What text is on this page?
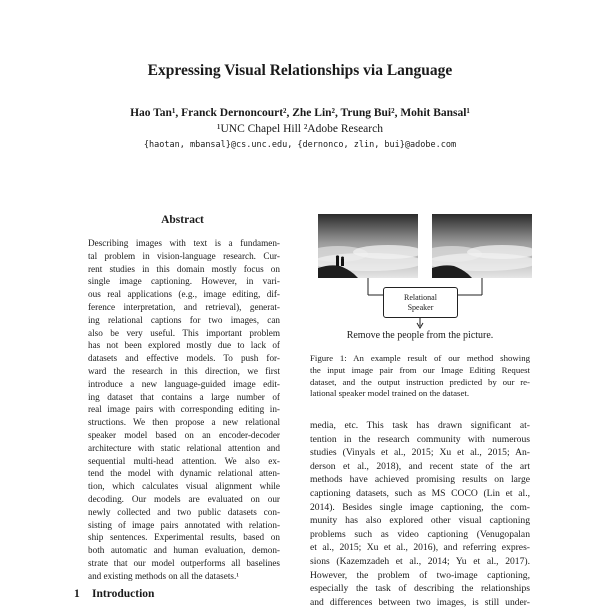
Expressing Visual Relationships via Language
Hao Tan¹, Franck Dernoncourt², Zhe Lin², Trung Bui², Mohit Bansal¹
¹UNC Chapel Hill ²Adobe Research
{haotan, mbansal}@cs.unc.edu, {dernonco, zlin, bui}@adobe.com
Abstract
Describing images with text is a fundamen-
tal problem in vision-language research. Cur-
rent studies in this domain mostly focus on
single image captioning. However, in vari-
ous real applications (e.g., image editing, dif-
ference interpretation, and retrieval), generat-
ing relational captions for two images, can
also be very useful. This important problem
has not been explored mostly due to lack of
datasets and effective models. To push for-
ward the research in this direction, we first
introduce a new language-guided image edit-
ing dataset that contains a large number of
real image pairs with corresponding editing in-
structions. We then propose a new relational
speaker model based on an encoder-decoder
architecture with static relational attention and
sequential multi-head attention. We also ex-
tend the model with dynamic relational atten-
tion, which calculates visual alignment while
decoding. Our models are evaluated on our
newly collected and two public datasets con-
sisting of image pairs annotated with relation-
ship sentences. Experimental results, based on
both automatic and human evaluation, demon-
strate that our model outperforms all baselines
and existing methods on all the datasets.¹
1 Introduction
Relational
Speaker
Remove the people from the picture.
Figure 1: An example result of our method showing
the input image pair from our Image Editing Request
dataset, and the output instruction predicted by our re-
lational speaker model trained on the dataset.
media, etc. This task has drawn significant at-
tention in the research community with numerous
studies (Vinyals et al., 2015; Xu et al., 2015; An-
derson et al., 2018), and recent state of the art
methods have achieved promising results on large
captioning datasets, such as MS COCO (Lin et al.,
2014). Besides single image captioning, the com-
munity has also explored other visual captioning
problems such as video captioning (Venugopalan
et al., 2015; Xu et al., 2016), and referring expres-
sions (Kazemzadeh et al., 2014; Yu et al., 2017).
However, the problem of two-image captioning,
especially the task of describing the relationships
and differences between two images, is still under-
